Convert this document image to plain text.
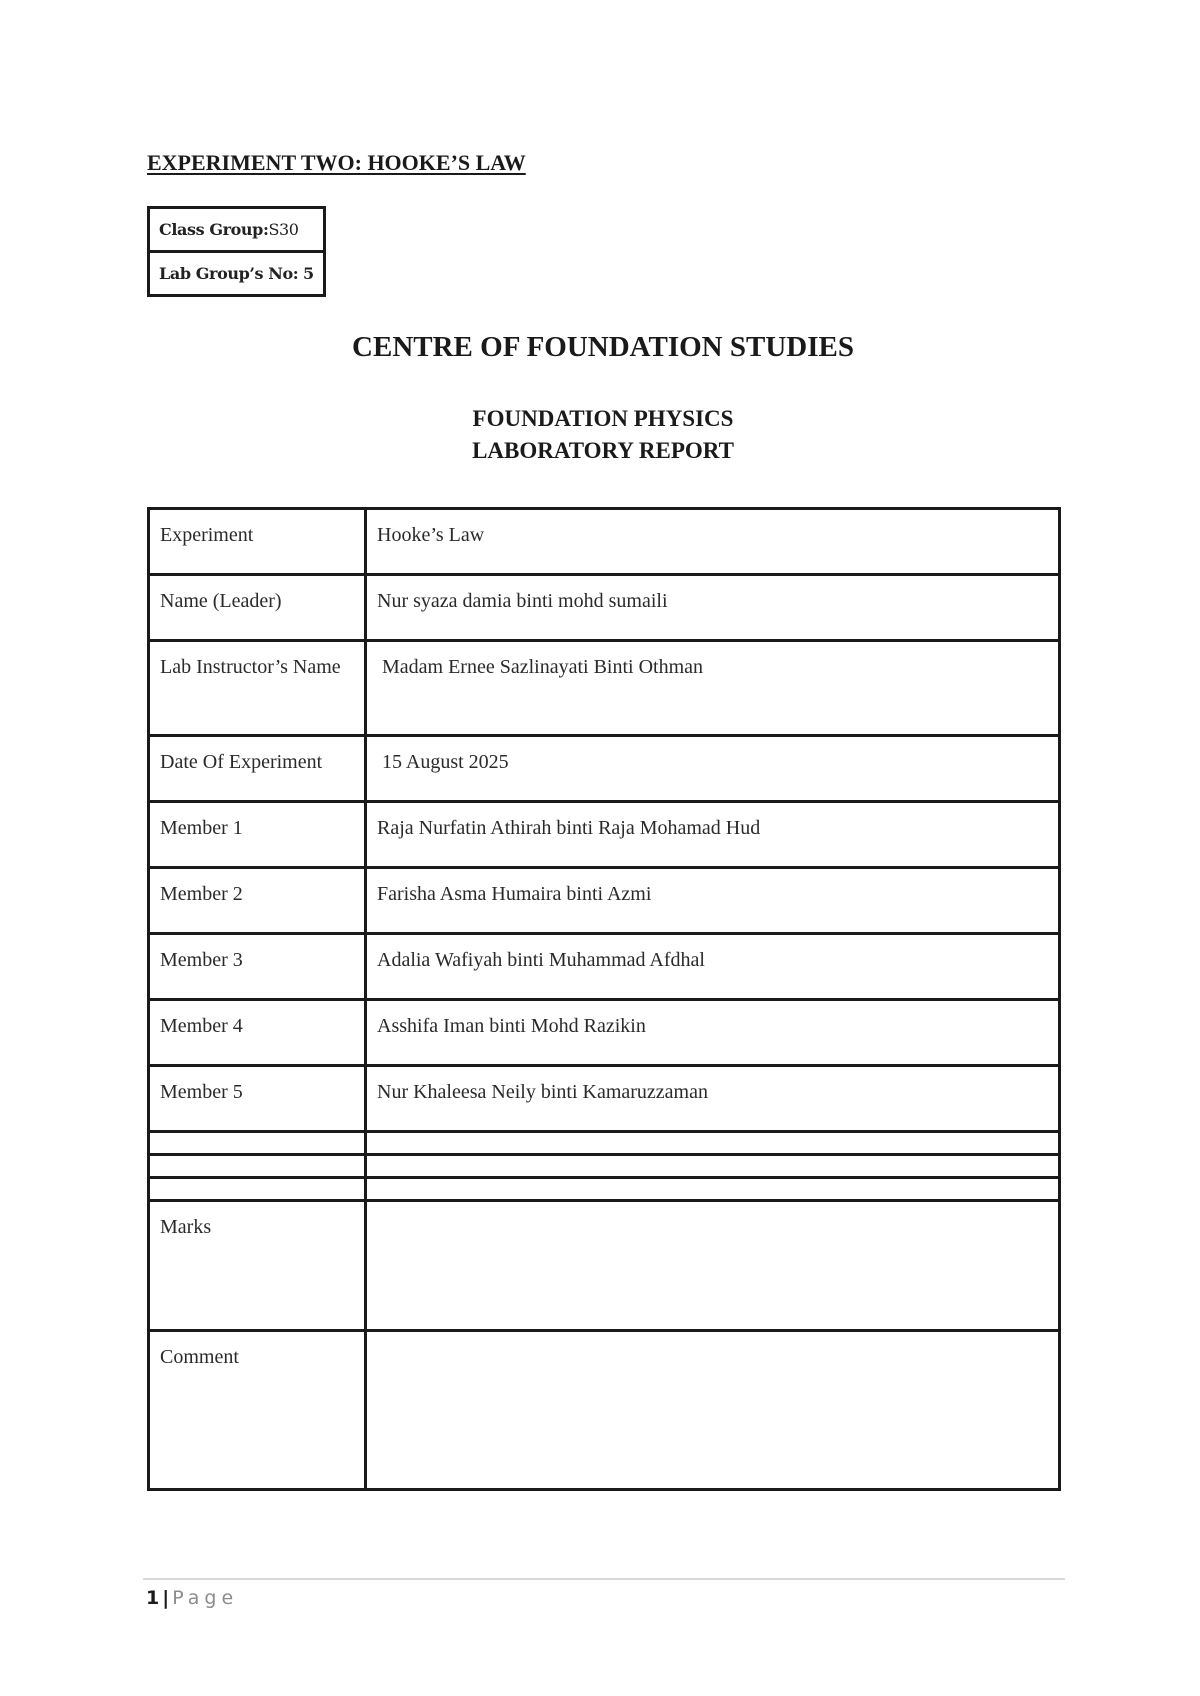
EXPERIMENT TWO: HOOKE’S LAW
Class Group:S30
Lab Group’s No: 5
CENTRE OF FOUNDATION STUDIES
FOUNDATION PHYSICS
LABORATORY REPORT
Experiment	Hooke’s Law
Name (Leader)	Nur syaza damia binti mohd sumaili
Lab Instructor’s Name	Madam Ernee Sazlinayati Binti Othman
Date Of Experiment	15 August 2025
Member 1	Raja Nurfatin Athirah binti Raja Mohamad Hud
Member 2	Farisha Asma Humaira binti Azmi
Member 3	Adalia Wafiyah binti Muhammad Afdhal
Member 4	Asshifa Iman binti Mohd Razikin
Member 5	Nur Khaleesa Neily binti Kamaruzzaman

Marks	
Comment	
1 | Page
